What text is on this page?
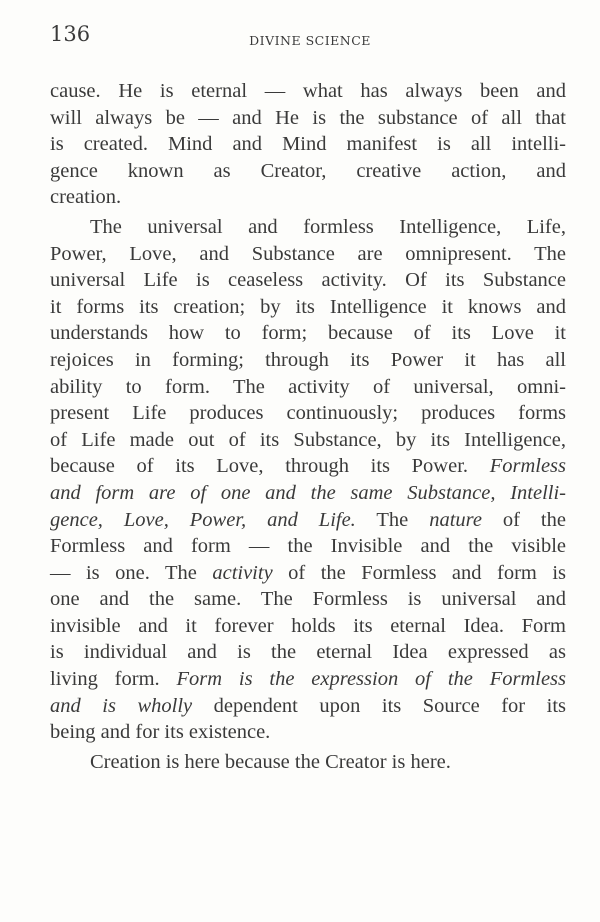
136	DIVINE SCIENCE
cause. He is eternal — what has always been and
will always be — and He is the substance of all that
is created. Mind and Mind manifest is all intelli-
gence known as Creator, creative action, and
creation.
The universal and formless Intelligence, Life,
Power, Love, and Substance are omnipresent. The
universal Life is ceaseless activity. Of its Substance
it forms its creation; by its Intelligence it knows and
understands how to form; because of its Love it
rejoices in forming; through its Power it has all
ability to form. The activity of universal, omni-
present Life produces continuously; produces forms
of Life made out of its Substance, by its Intelligence,
because of its Love, through its Power. Formless
and form are of one and the same Substance, Intelli-
gence, Love, Power, and Life. The nature of the
Formless and form — the Invisible and the visible
— is one. The activity of the Formless and form is
one and the same. The Formless is universal and
invisible and it forever holds its eternal Idea. Form
is individual and is the eternal Idea expressed as
living form. Form is the expression of the Formless
and is wholly dependent upon its Source for its
being and for its existence.
Creation is here because the Creator is here.
